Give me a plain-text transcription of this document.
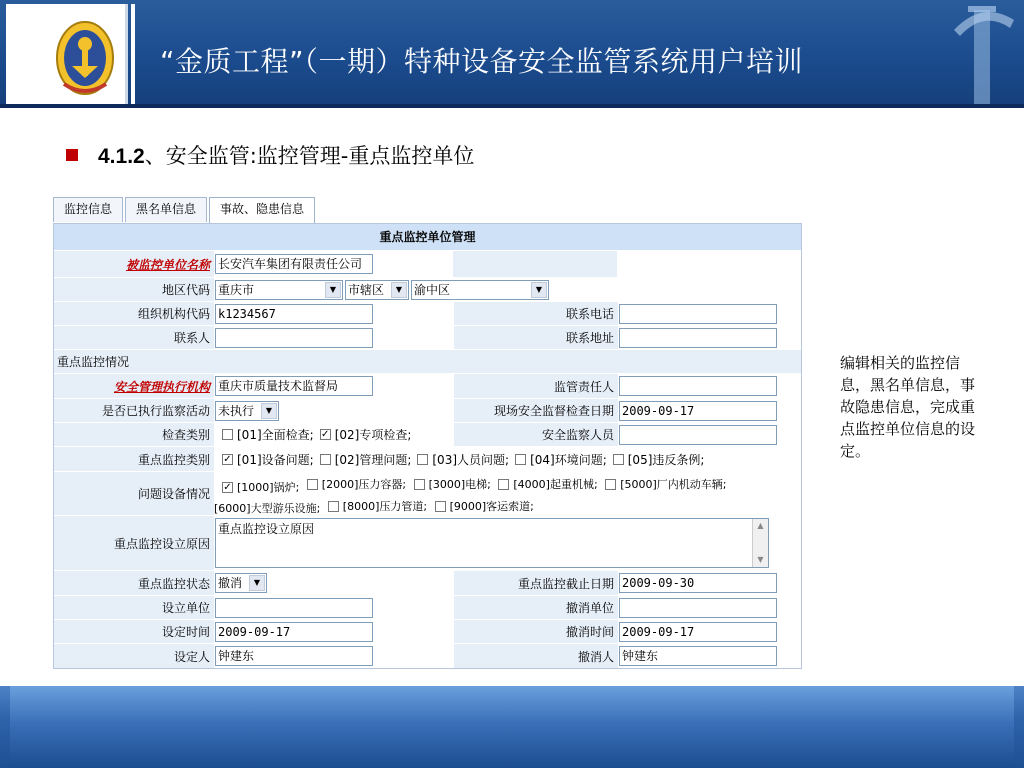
“金质工程”（一期）特种设备安全监管系统用户培训
4.1.2、安全监管:监控管理-重点监控单位
监控信息	黑名单信息	事故、隐患信息
重点监控单位管理
被监控单位名称 长安汽车集团有限责任公司
地区代码 重庆市	▼ 市辖区	▼ 渝中区	▼
组织机构代码 k1234567	联系电话
联系人	联系地址
重点监控情况
安全管理执行机构 重庆市质量技术监督局	监管责任人
是否已执行监察活动 未执行	▼	现场安全监督检查日期 2009-09-17
检查类别	[01]全面检查; ✓ [02]专项检查;	安全监察人员
重点监控类别	✓ [01]设备问题; [02]管理问题; [03]人员问题; [04]环境问题; [05]违反条例;
问题设备情况	✓ [1000]锅炉;
[2000]压力容器;
[3000]电梯;
[4000]起重机械;
[5000]厂内机动车辆;
[6000]大型游乐设施;
[8000]压力管道;
[9000]客运索道;
重点监控设立原因
重点监控设立原因	▲
▼
重点监控状态 撤消	▼	重点监控截止日期 2009-09-30
设立单位	撤消单位
设定时间 2009-09-17	撤消时间 2009-09-17
设定人 钟建东	撤消人 钟建东
编辑相关的监控信息，黑名单信息，事故隐患信息，完成重点监控单位信息的设定。
